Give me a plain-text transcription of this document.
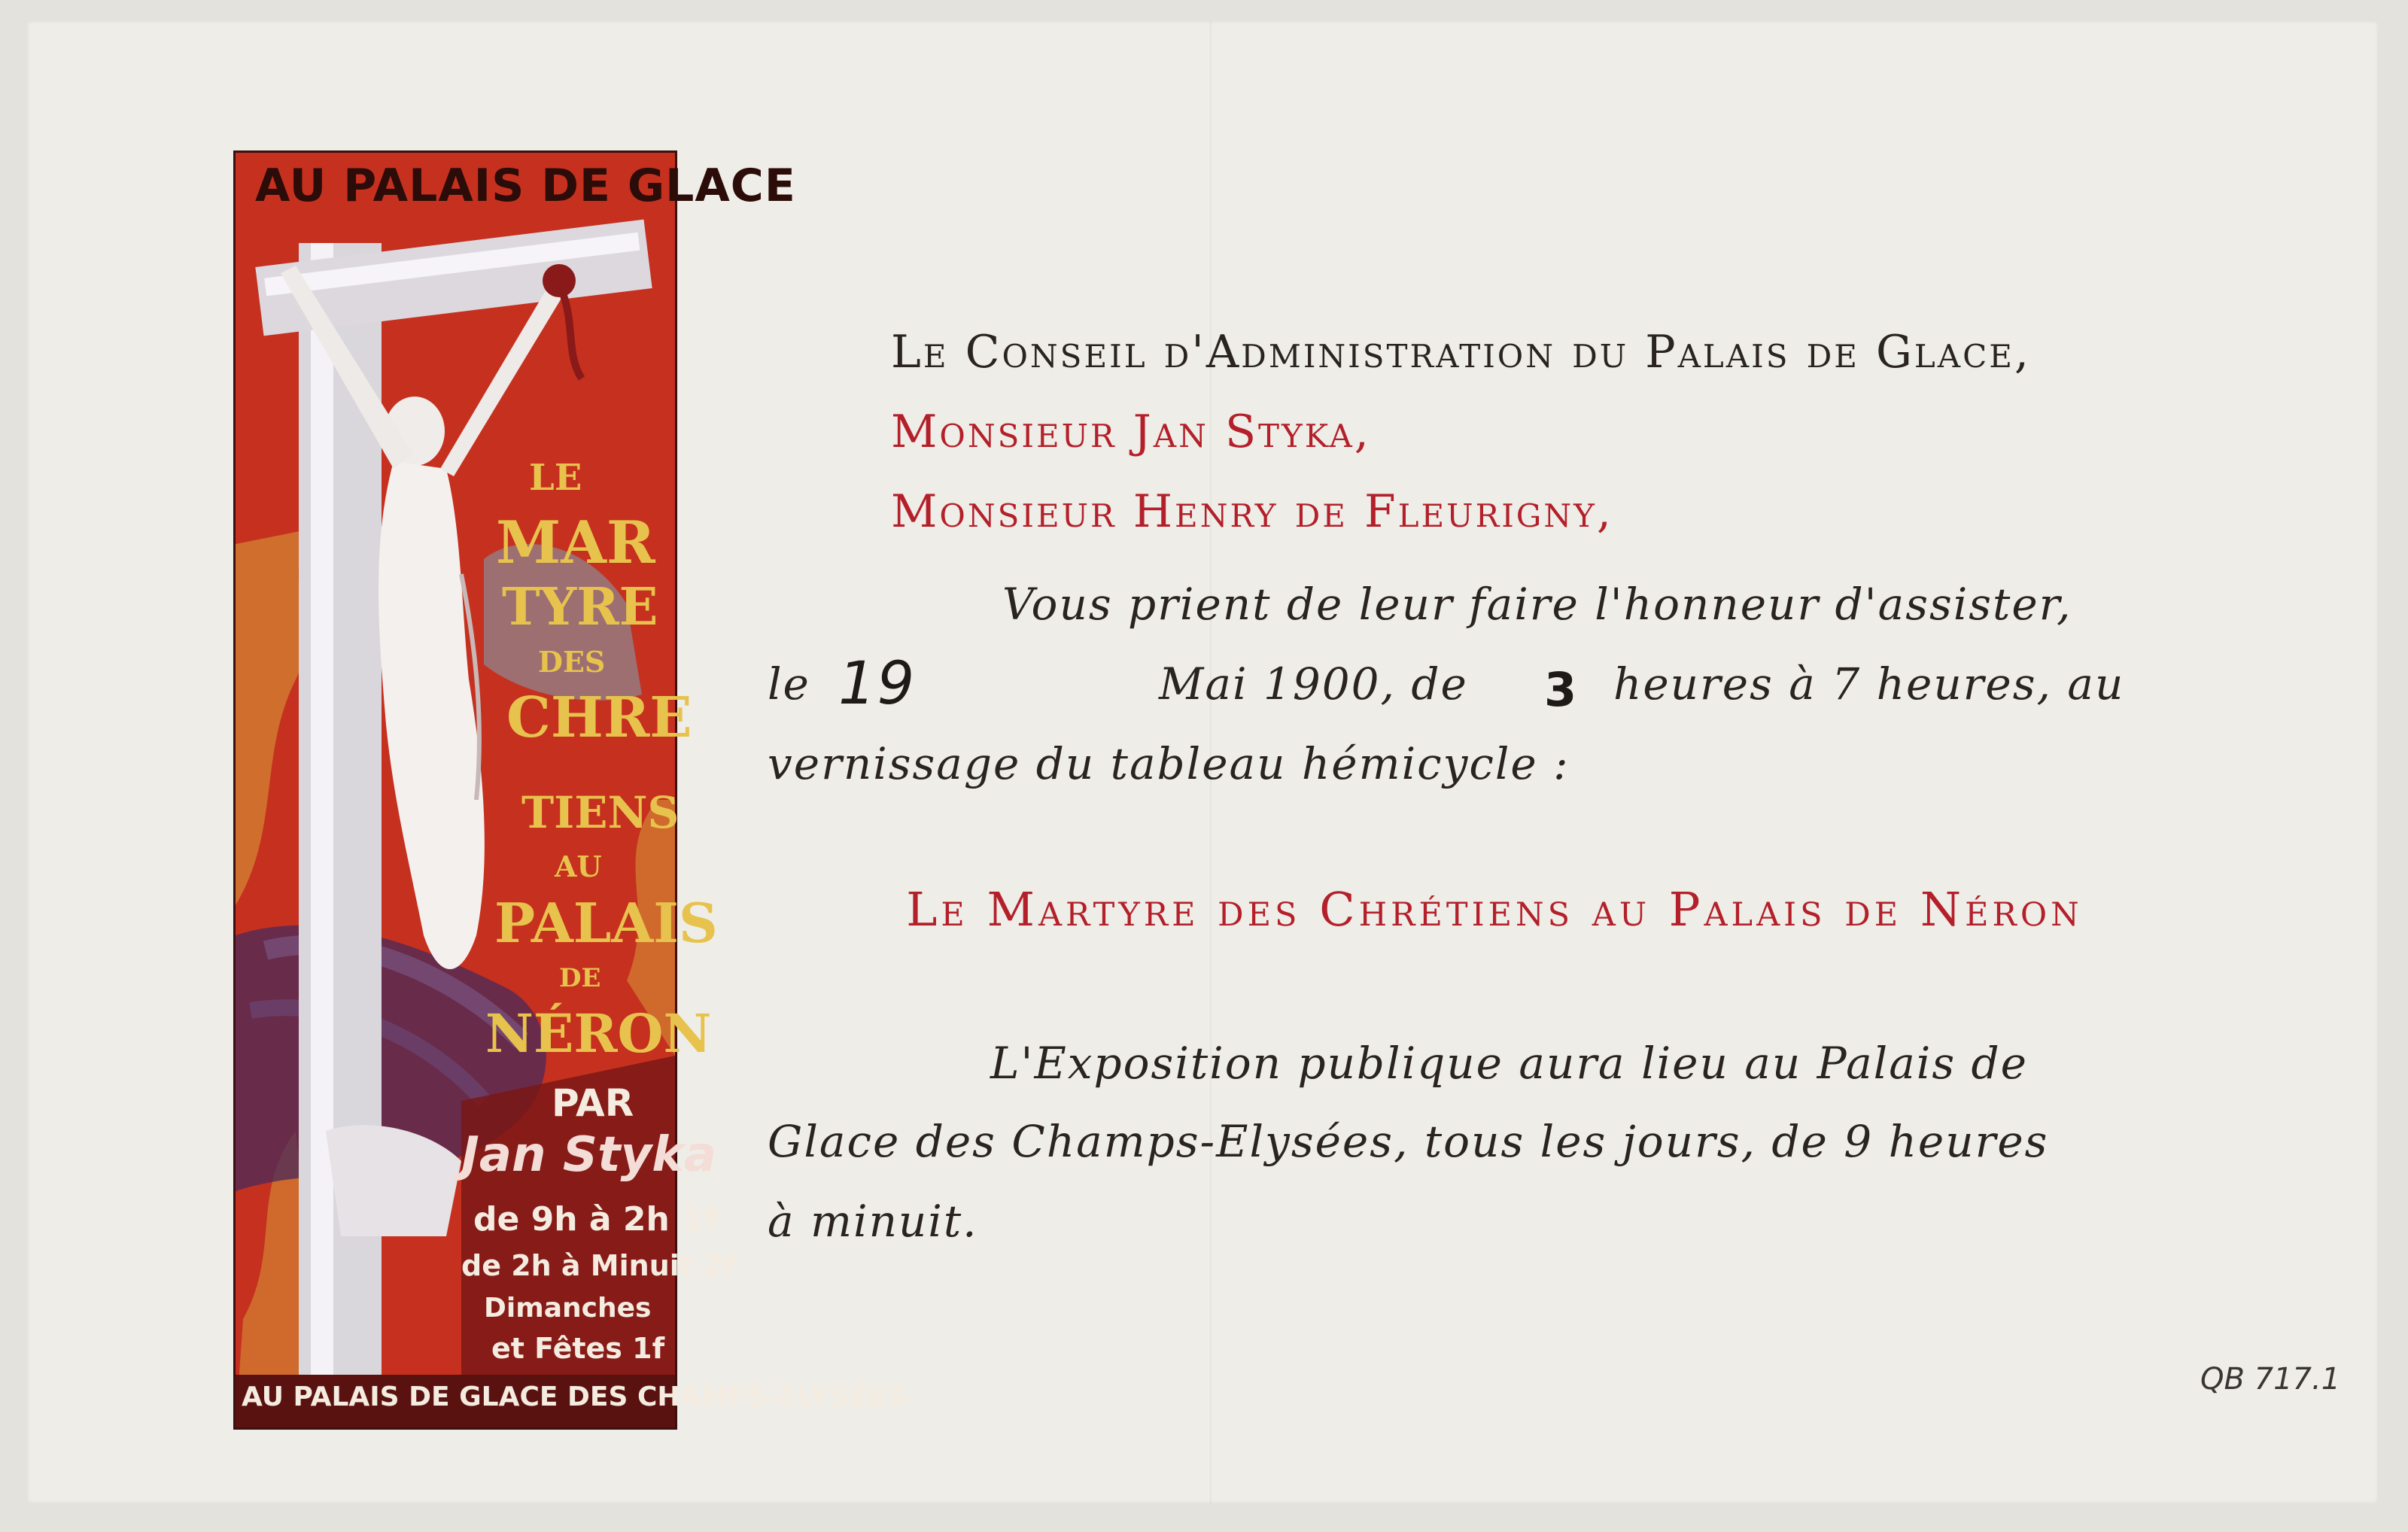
AU PALAIS DE GLACE
LE
MAR
TYRE
DES
CHRE
TIENS
AU
PALAIS
DE
NÉRON
PAR
Jan Styka
de 9h à 2h 1f
de 2h à Minuit 2f
Dimanches
et Fêtes 1f
AU PALAIS DE GLACE DES CHAMPS-ELYSÉES
Le Conseil d'Administration du Palais de Glace,
Monsieur Jan Styka,
Monsieur Henry de Fleurigny,
Vous prient de leur faire l'honneur d'assister,
le 19	Mai 1900, de 3 heures à 7 heures, au
vernissage du tableau hémicycle :
Le Martyre des Chrétiens au Palais de Néron
L'Exposition publique aura lieu au Palais de
Glace des Champs-Elysées, tous les jours, de 9 heures
à minuit.
QB 717.1
